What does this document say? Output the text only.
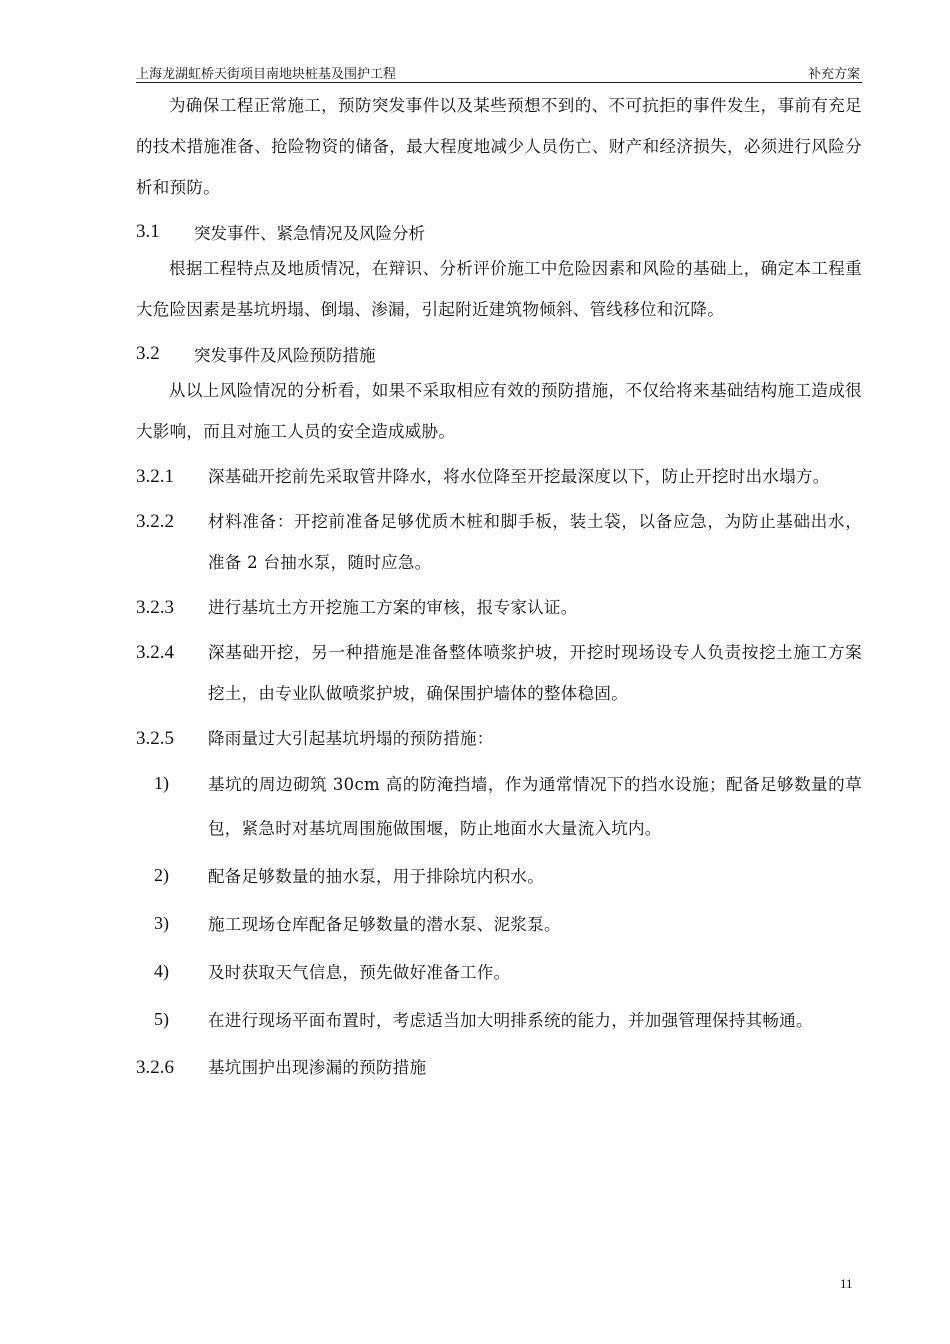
上海龙湖虹桥天街项目南地块桩基及围护工程	补充方案

为确保工程正常施工，预防突发事件以及某些预想不到的、不可抗拒的事件发生，事前有充足的技术措施准备、抢险物资的储备，最大程度地减少人员伤亡、财产和经济损失，必须进行风险分析和预防。

3.1	突发事件、紧急情况及风险分析

根据工程特点及地质情况，在辩识、分析评价施工中危险因素和风险的基础上，确定本工程重大危险因素是基坑坍塌、倒塌、渗漏，引起附近建筑物倾斜、管线移位和沉降。

3.2	突发事件及风险预防措施

从以上风险情况的分析看，如果不采取相应有效的预防措施，不仅给将来基础结构施工造成很大影响，而且对施工人员的安全造成威胁。

3.2.1	深基础开挖前先采取管井降水，将水位降至开挖最深度以下，防止开挖时出水塌方。
3.2.2	材料准备：开挖前准备足够优质木桩和脚手板，装土袋，以备应急，为防止基础出水，准备 2 台抽水泵，随时应急。
3.2.3	进行基坑土方开挖施工方案的审核，报专家认证。
3.2.4	深基础开挖，另一种措施是准备整体喷浆护坡，开挖时现场设专人负责按挖土施工方案挖土，由专业队做喷浆护坡，确保围护墙体的整体稳固。
3.2.5	降雨量过大引起基坑坍塌的预防措施：
1)	基坑的周边砌筑 30cm 高的防淹挡墙，作为通常情况下的挡水设施；配备足够数量的草包，紧急时对基坑周围施做围堰，防止地面水大量流入坑内。
2)	配备足够数量的抽水泵，用于排除坑内积水。
3)	施工现场仓库配备足够数量的潜水泵、泥浆泵。
4)	及时获取天气信息，预先做好准备工作。
5)	在进行现场平面布置时，考虑适当加大明排系统的能力，并加强管理保持其畅通。
3.2.6	基坑围护出现渗漏的预防措施
11
